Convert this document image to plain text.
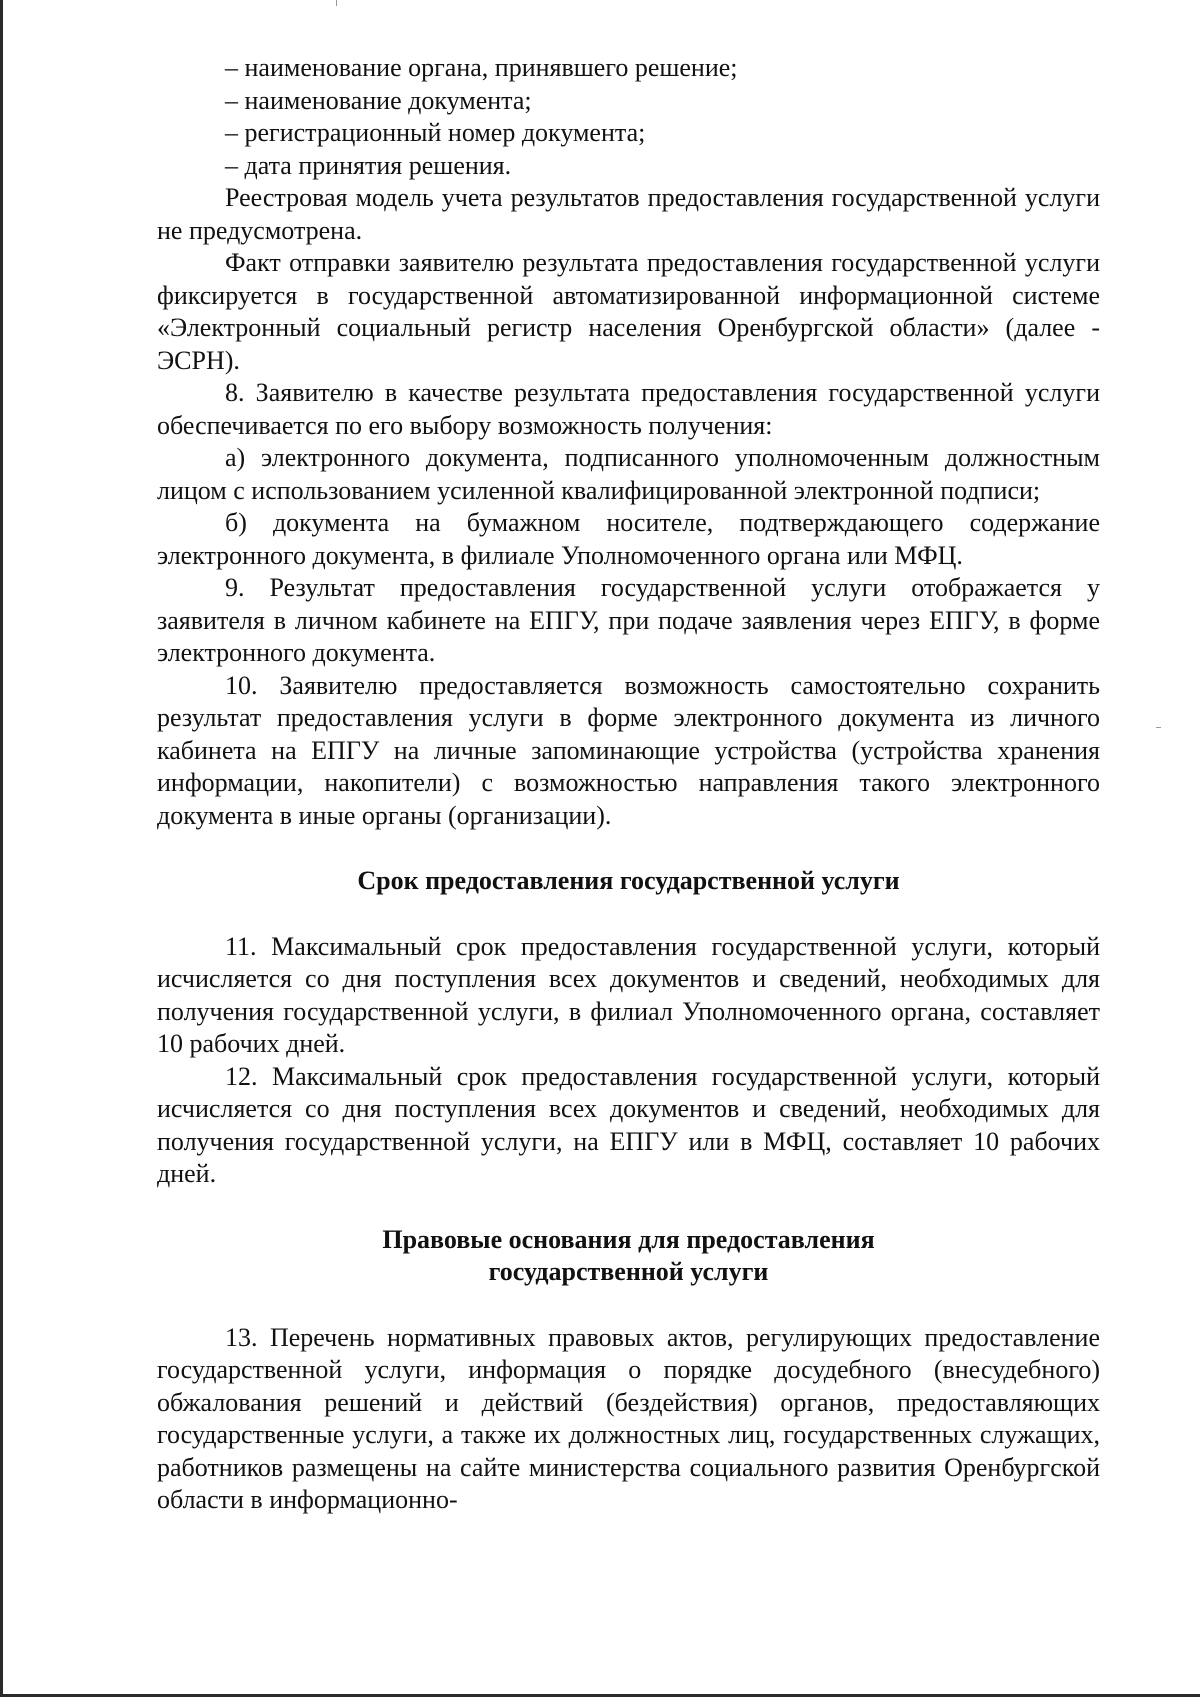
– наименование органа, принявшего решение;

– наименование документа;

– регистрационный номер документа;

– дата принятия решения.

Реестровая модель учета результатов предоставления государственной услуги не предусмотрена.

Факт отправки заявителю результата предоставления государственной услуги фиксируется в государственной автоматизированной информационной системе «Электронный социальный регистр населения Оренбургской области» (далее - ЭСРН).

8. Заявителю в качестве результата предоставления государственной услуги обеспечивается по его выбору возможность получения:

а) электронного документа, подписанного уполномоченным должностным лицом с использованием усиленной квалифицированной электронной подписи;

б) документа на бумажном носителе, подтверждающего содержание электронного документа, в филиале Уполномоченного органа или МФЦ.

9. Результат предоставления государственной услуги отображается у заявителя в личном кабинете на ЕПГУ, при подаче заявления через ЕПГУ, в форме электронного документа.

10. Заявителю предоставляется возможность самостоятельно сохранить результат предоставления услуги в форме электронного документа из личного кабинета на ЕПГУ на личные запоминающие устройства (устройства хранения информации, накопители) с возможностью направления такого электронного документа в иные органы (организации).

Срок предоставления государственной услуги

11. Максимальный срок предоставления государственной услуги, который исчисляется со дня поступления всех документов и сведений, необходимых для получения государственной услуги, в филиал Уполномоченного органа, составляет 10 рабочих дней.

12. Максимальный срок предоставления государственной услуги, который исчисляется со дня поступления всех документов и сведений, необходимых для получения государственной услуги, на ЕПГУ или в МФЦ, составляет 10 рабочих дней.

Правовые основания для предоставления

государственной услуги

13. Перечень нормативных правовых актов, регулирующих предоставление государственной услуги, информация о порядке досудебного (внесудебного) обжалования решений и действий (бездействия) органов, предоставляющих государственные услуги, а также их должностных лиц, государственных служащих, работников размещены на сайте министерства социального развития Оренбургской области в информационно-
